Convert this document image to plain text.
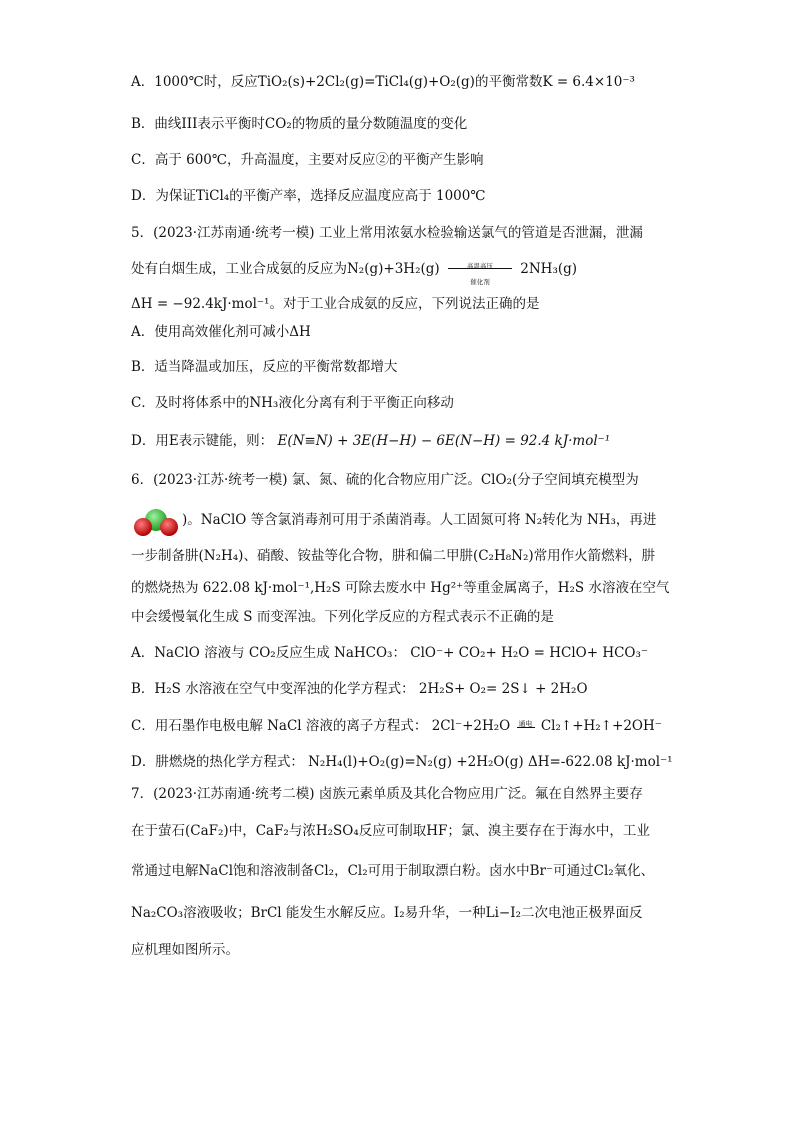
A．1000℃时，反应TiO₂(s)+2Cl₂(g)=TiCl₄(g)+O₂(g)的平衡常数K = 6.4×10⁻³
B．曲线III表示平衡时CO₂的物质的量分数随温度的变化
C．高于 600℃，升高温度，主要对反应②的平衡产生影响
D．为保证TiCl₄的平衡产率，选择反应温度应高于 1000℃
5．(2023·江苏南通·统考一模) 工业上常用浓氨水检验输送氯气的管道是否泄漏，泄漏
处有白烟生成，工业合成氨的反应为N₂(g)+3H₂(g)	高温高压
催化剂
2NH₃(g)
ΔH = −92.4kJ·mol⁻¹。对于工业合成氨的反应，下列说法正确的是
A．使用高效催化剂可减小ΔH
B．适当降温或加压，反应的平衡常数都增大
C．及时将体系中的NH₃液化分离有利于平衡正向移动
D．用E表示键能，则： E(N≡N) + 3E(H−H) − 6E(N−H) = 92.4 kJ·mol⁻¹
6．(2023·江苏·统考一模) 氯、氮、硫的化合物应用广泛。ClO₂(分子空间填充模型为
)。NaClO 等含氯消毒剂可用于杀菌消毒。人工固氮可将 N₂转化为 NH₃，再进
一步制备肼(N₂H₄)、硝酸、铵盐等化合物，肼和偏二甲肼(C₂H₈N₂)常用作火箭燃料，肼
的燃烧热为 622.08 kJ·mol⁻¹,H₂S 可除去废水中 Hg²⁺等重金属离子，H₂S 水溶液在空气
中会缓慢氧化生成 S 而变浑浊。下列化学反应的方程式表示不正确的是
A．NaClO 溶液与 CO₂反应生成 NaHCO₃： ClO⁻+ CO₂+ H₂O = HClO+ HCO₃⁻
B．H₂S 水溶液在空气中变浑浊的化学方程式： 2H₂S+ O₂= 2S↓ + 2H₂O
C．用石墨作电极电解 NaCl 溶液的离子方程式： 2Cl⁻+2H₂O	通电 Cl₂↑+H₂↑+2OH⁻
D．肼燃烧的热化学方程式： N₂H₄(l)+O₂(g)=N₂(g) +2H₂O(g) ΔH=-622.08 kJ·mol⁻¹
7．(2023·江苏南通·统考二模) 卤族元素单质及其化合物应用广泛。氟在自然界主要存
在于萤石(CaF₂)中，CaF₂与浓H₂SO₄反应可制取HF；氯、溴主要存在于海水中，工业
常通过电解NaCl饱和溶液制备Cl₂，Cl₂可用于制取漂白粉。卤水中Br⁻可通过Cl₂氧化、
Na₂CO₃溶液吸收；BrCl 能发生水解反应。I₂易升华，一种Li−I₂二次电池正极界面反
应机理如图所示。
